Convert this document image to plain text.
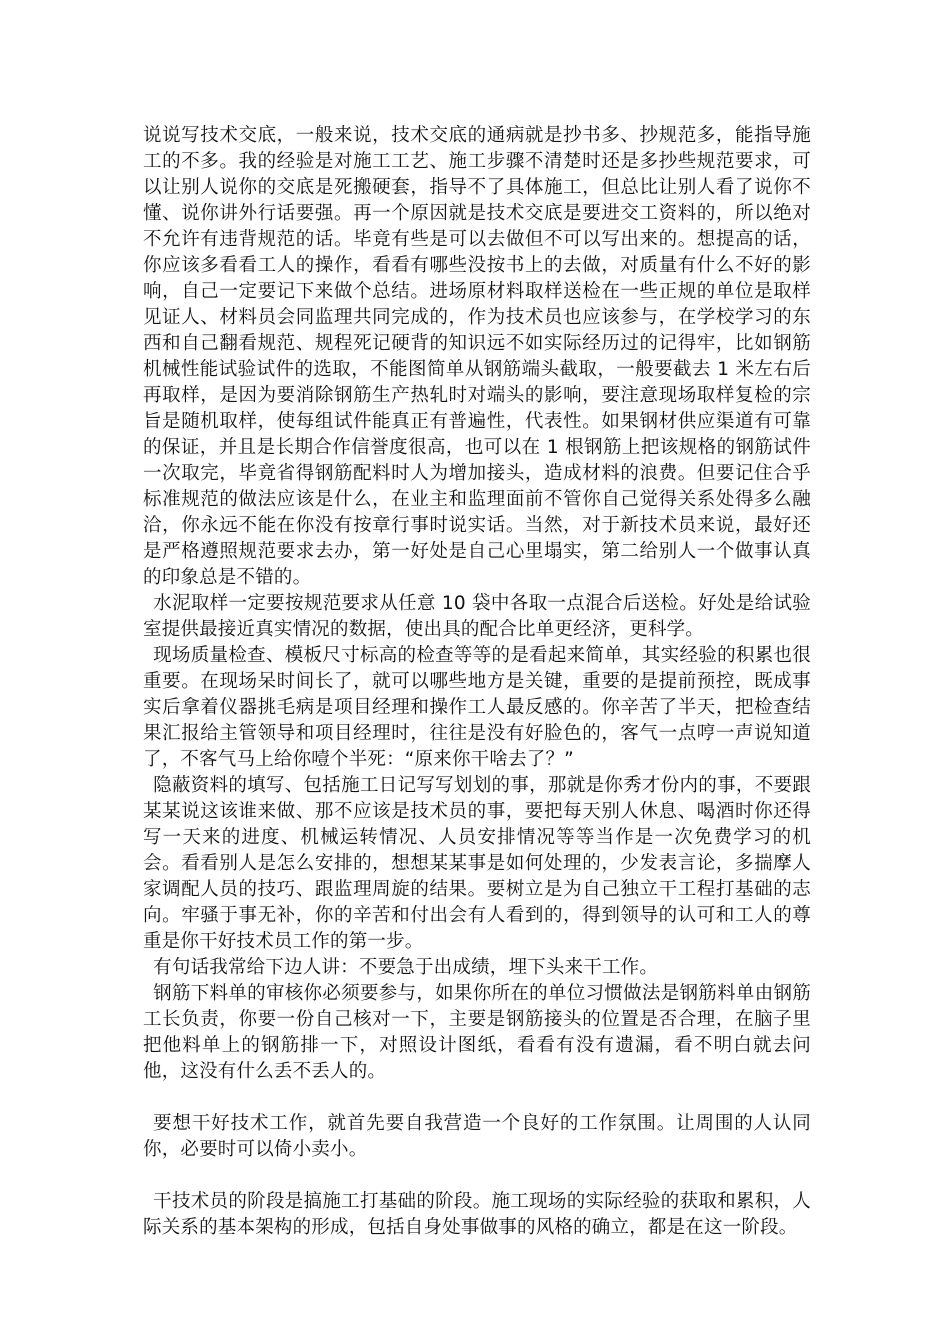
说说写技术交底，一般来说，技术交底的通病就是抄书多、抄规范多，能指导施工的不多。我的经验是对施工工艺、施工步骤不清楚时还是多抄些规范要求，可以让别人说你的交底是死搬硬套，指导不了具体施工，但总比让别人看了说你不懂、说你讲外行话要强。再一个原因就是技术交底是要进交工资料的，所以绝对不允许有违背规范的话。毕竟有些是可以去做但不可以写出来的。想提高的话，你应该多看看工人的操作，看看有哪些没按书上的去做，对质量有什么不好的影响，自己一定要记下来做个总结。进场原材料取样送检在一些正规的单位是取样见证人、材料员会同监理共同完成的，作为技术员也应该参与，在学校学习的东西和自己翻看规范、规程死记硬背的知识远不如实际经历过的记得牢，比如钢筋机械性能试验试件的选取，不能图简单从钢筋端头截取，一般要截去 1 米左右后再取样，是因为要消除钢筋生产热轧时对端头的影响，要注意现场取样复检的宗旨是随机取样，使每组试件能真正有普遍性，代表性。如果钢材供应渠道有可靠的保证，并且是长期合作信誉度很高，也可以在 1 根钢筋上把该规格的钢筋试件一次取完，毕竟省得钢筋配料时人为增加接头，造成材料的浪费。但要记住合乎标准规范的做法应该是什么，在业主和监理面前不管你自己觉得关系处得多么融洽，你永远不能在你没有按章行事时说实话。当然，对于新技术员来说，最好还是严格遵照规范要求去办，第一好处是自己心里塌实，第二给别人一个做事认真的印象总是不错的。

水泥取样一定要按规范要求从任意 10 袋中各取一点混合后送检。好处是给试验室提供最接近真实情况的数据，使出具的配合比单更经济，更科学。

现场质量检查、模板尺寸标高的检查等等的是看起来简单，其实经验的积累也很重要。在现场呆时间长了，就可以哪些地方是关键，重要的是提前预控，既成事实后拿着仪器挑毛病是项目经理和操作工人最反感的。你辛苦了半天，把检查结果汇报给主管领导和项目经理时，往往是没有好脸色的，客气一点哼一声说知道了，不客气马上给你噎个半死：“原来你干啥去了？”

隐蔽资料的填写、包括施工日记写写划划的事，那就是你秀才份内的事，不要跟某某说这该谁来做、那不应该是技术员的事，要把每天别人休息、喝酒时你还得写一天来的进度、机械运转情况、人员安排情况等等当作是一次免费学习的机会。看看别人是怎么安排的，想想某某事是如何处理的，少发表言论，多揣摩人家调配人员的技巧、跟监理周旋的结果。要树立是为自己独立干工程打基础的志向。牢骚于事无补，你的辛苦和付出会有人看到的，得到领导的认可和工人的尊重是你干好技术员工作的第一步。

有句话我常给下边人讲：不要急于出成绩，埋下头来干工作。

钢筋下料单的审核你必须要参与，如果你所在的单位习惯做法是钢筋料单由钢筋工长负责，你要一份自己核对一下，主要是钢筋接头的位置是否合理，在脑子里把他料单上的钢筋排一下，对照设计图纸，看看有没有遗漏，看不明白就去问他，这没有什么丢不丢人的。

要想干好技术工作，就首先要自我营造一个良好的工作氛围。让周围的人认同你，必要时可以倚小卖小。

干技术员的阶段是搞施工打基础的阶段。施工现场的实际经验的获取和累积，人际关系的基本架构的形成，包括自身处事做事的风格的确立，都是在这一阶段。
